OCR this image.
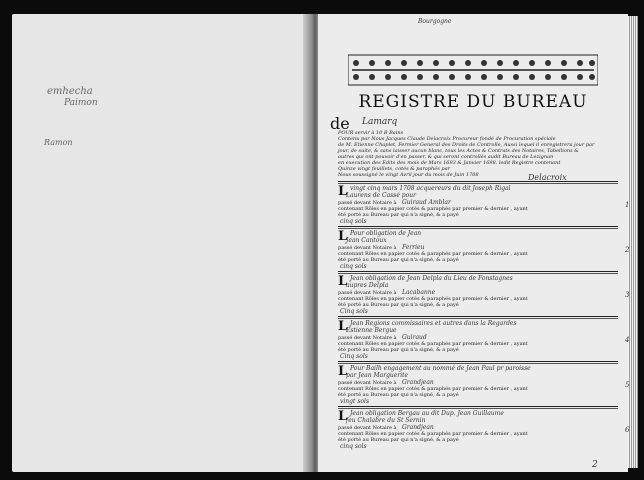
emhecha
Paimon
Ramon
Bourgogne
REGISTRE DU BUREAU
de Lamarq
POUR servir à 10 B Bains
Contenu par Nous Jacques Claude Delacroix Procureur fondé de Procuration spéciale
de M. Etienne Chaplet, Fermier General des Droits de Controlle, Aussi lequel il enregistrera jour par
jour, de suite, & sans laisser aucun blanc, tous les Actes & Contrats des Notaires, Tabellions &
autres qui ont pouvoir d'en passer, & qui seront controllés audit Bureau de Lezignan
en execution des Edits des mois de Mars 1693 & Janvier 1698. ledit Registre contenant
Quinze vingt feuillets, cotés & paraphés par
Nous soussigné le vingt Avril jour du mois de Juin 1708	Delacroix
L vingt cinq mars 1708 acquereurs du dit Joseph Rigal
Laurens de Cassé pour
passé devant Notaire à Guiraud Amblar
contenant Rôles en papier cotés & paraphés par premier & dernier , ayant
été porté au Bureau par qui n'a signé, & a payé
cinq sols
1
L Pour obligation de Jean
Jean Cantoux
passé devant Notaire à Ferrieu
contenant Rôles en papier cotés & paraphés par premier & dernier , ayant
été porté au Bureau par qui n'a signé, & a payé
cinq sols
2
L Jean obligation de Jean Delpla du Lieu de Fonstagnes
aupres Delpla
passé devant Notaire à Lacabanne
contenant Rôles en papier cotés & paraphés par premier & dernier , ayant
été porté au Bureau par qui n'a signé, & a payé
Cinq sols
3
L Jean Regions commissaires et autres dans la Regardes
Estienne Bergue
passé devant Notaire à Guiraud
contenant Rôles en papier cotés & paraphés par premier & dernier , ayant
été porté au Bureau par qui n'a signé, & a payé
Cinq sols
4
L Pour Bailh engagement au nommé de Jean Paul pr paroisse
par Jean Marguerite
passé devant Notaire à Grandjean
contenant Rôles en papier cotés & paraphés par premier & dernier , ayant
été porté au Bureau par qui n'a signé, & a payé
vingt sols
5
L Jean obligation Bergau au dit Dup. Jean Guillaume
feu Chalabre du St Sernin
passé devant Notaire à Grandjean
contenant Rôles en papier cotés & paraphés par premier & dernier , ayant
été porté au Bureau par qui n'a signé, & a payé
cinq sols
6
2
